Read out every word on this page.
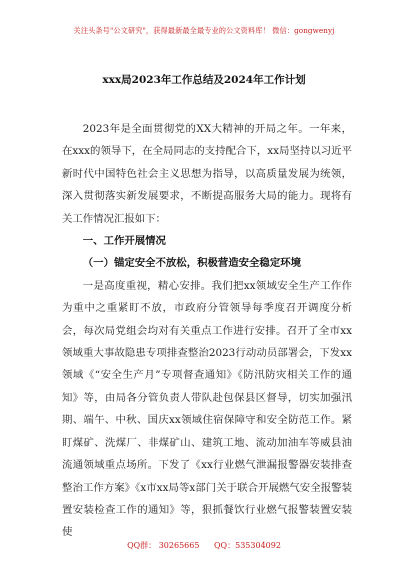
关注头条号"公文研究"，获得最新最全最专业的公文资料库！ 微信：gongwenyj
xxx局2023年工作总结及2024年工作计划

2023年是全面贯彻党的XX大精神的开局之年。一年来，在xxx的领导下，在全局同志的支持配合下，xx局坚持以习近平新时代中国特色社会主义思想为指导，以高质量发展为统领，深入贯彻落实新发展要求，不断提高服务大局的能力。现将有关工作情况汇报如下：

一、工作开展情况

（一）锚定安全不放松，积极营造安全稳定环境

一是高度重视，精心安排。我们把xx领域安全生产工作作为重中之重紧盯不放，市政府分管领导每季度召开调度分析会，每次局党组会均对有关重点工作进行安排。召开了全市xx领域重大事故隐患专项排查整治2023行动动员部署会，下发xx领域《“安全生产月”专项督查通知》《防汛防灾相关工作的通知》等，由局各分管负责人带队赴包保县区督导，切实加强汛期、端午、中秋、国庆xx领域住宿保障守和安全防范工作。紧盯煤矿、洗煤厂、非煤矿山、建筑工地、流动加油车等威县油流通领域重点场所。下发了《xx行业燃气泄漏报警器安装排查整治工作方案》《x市xx局等x部门关于联合开展燃气安全报警装置安装检查工作的通知》等，狠抓餐饮行业燃气报警装置安装使

QQ群： 30265665 QQ：535304092
